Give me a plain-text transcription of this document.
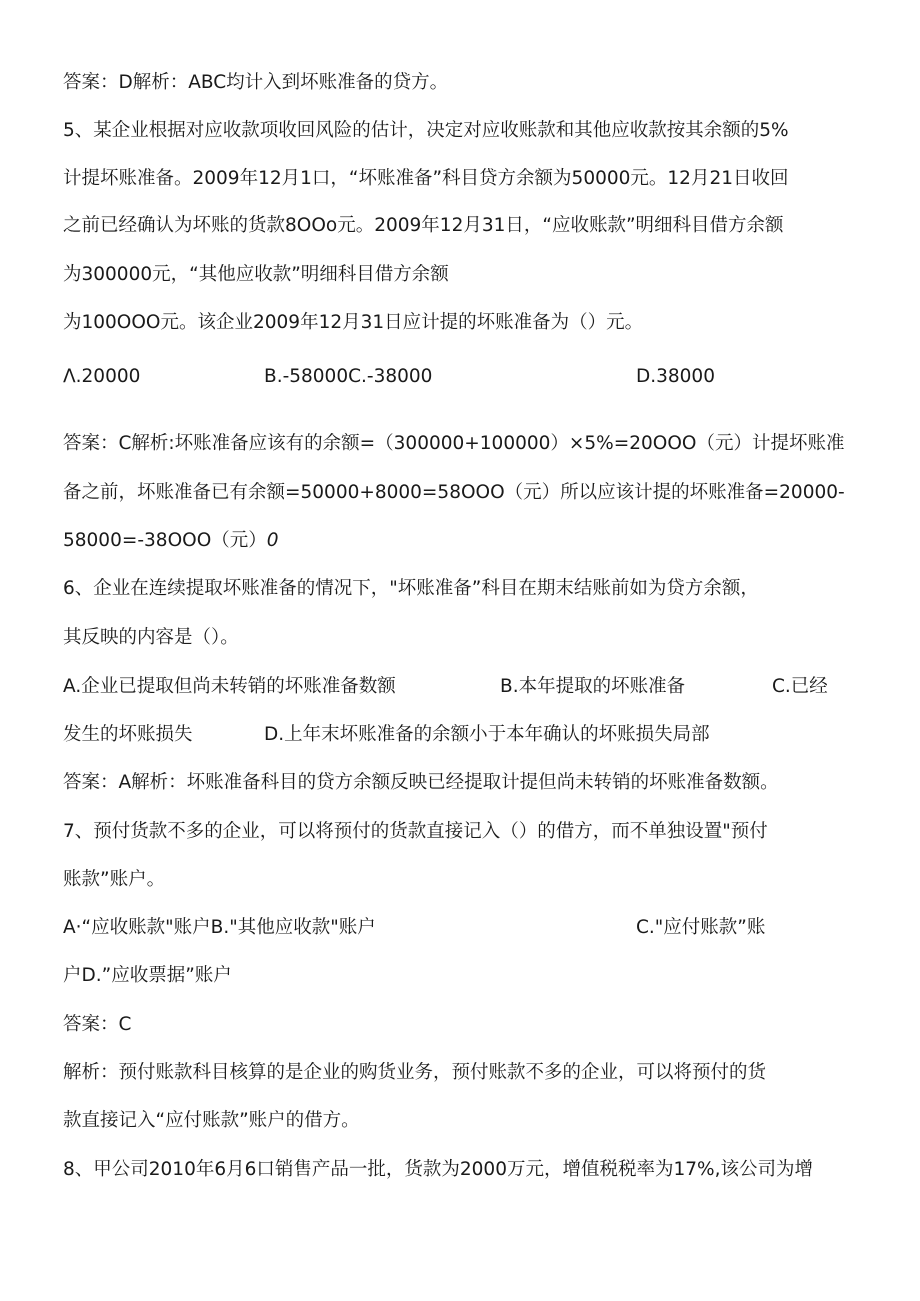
答案：D解析：ABC均计入到坏账准备的贷方。
5、某企业根据对应收款项收回风险的估计，决定对应收账款和其他应收款按其余额的5%
计提坏账准备。2009年12月1口，“坏账准备”科目贷方余额为50000元。12月21日收回
之前已经确认为坏账的货款8OOo元。2009年12月31日，“应收账款”明细科目借方余额
为300000元，“其他应收款”明细科目借方余额
为100OOO元。该企业2009年12月31日应计提的坏账准备为（）元。
Λ.20000	B.-58000C.-38000	D.38000
答案：C解析:坏账准备应该有的余额=（300000+100000）×5%=20OOO（元）计提坏账准
备之前，坏账准备已有余额=50000+8000=58OOO（元）所以应该计提的坏账准备=20000-
58000=-38OOO（元）0
6、企业在连续提取坏账准备的情况下，"坏账准备”科目在期末结账前如为贷方余额，
其反映的内容是（）。
A.企业已提取但尚未转销的坏账准备数额	B.本年提取的坏账准备	C.已经
发生的坏账损失	D.上年末坏账准备的余额小于本年确认的坏账损失局部
答案：A解析：坏账准备科目的贷方余额反映已经提取计提但尚未转销的坏账准备数额。
7、预付货款不多的企业，可以将预付的货款直接记入（）的借方，而不单独设置"预付
账款”账户。
A·“应收账款"账户B."其他应收款"账户	C."应付账款”账
户D.”应收票据”账户
答案：C
解析：预付账款科目核算的是企业的购货业务，预付账款不多的企业，可以将预付的货
款直接记入“应付账款”账户的借方。
8、甲公司2010年6月6口销售产品一批，货款为2000万元，增值税税率为17%,该公司为增
